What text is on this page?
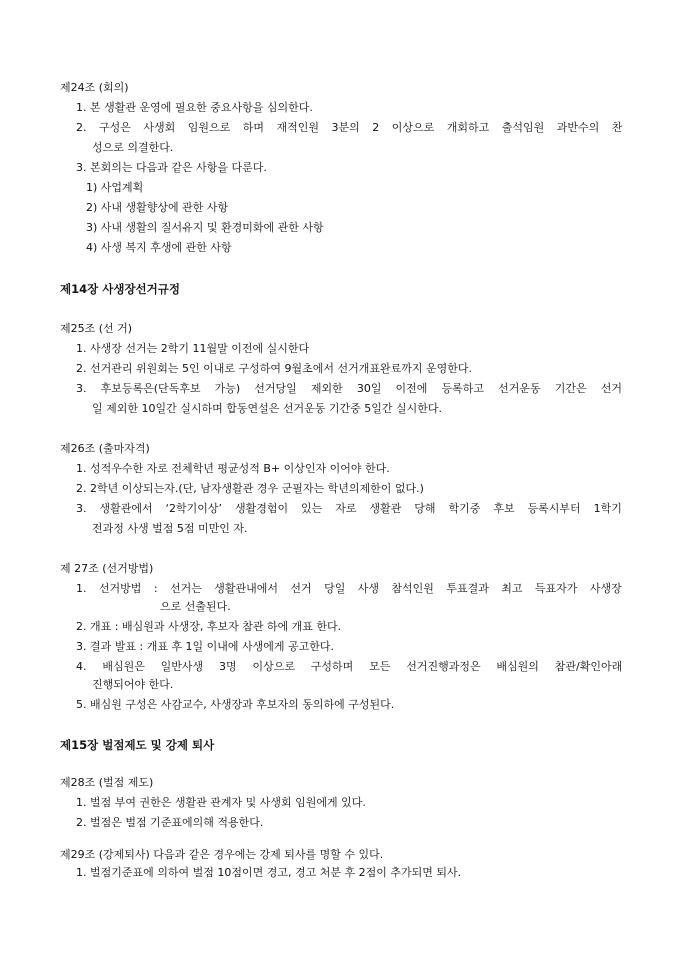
제24조 (회의)
1. 본 생활관 운영에 필요한 중요사항을 심의한다.
2. 구성은 사생회 임원으로 하며 재적인원 3분의 2 이상으로 개회하고 출석임원 과반수의 찬
성으로 의결한다.
3. 본회의는 다음과 같은 사항을 다룬다.
1) 사업계획
2) 사내 생활향상에 관한 사항
3) 사내 생활의 질서유지 및 환경미화에 관한 사항
4) 사생 복지 후생에 관한 사항
제14장 사생장선거규정
제25조 (선 거)
1. 사생장 선거는 2학기 11월말 이전에 실시한다
2. 선거관리 위원회는 5인 이내로 구성하여 9월초에서 선거개표완료까지 운영한다.
3. 후보등록은(단독후보 가능) 선거당일 제외한 30일 이전에 등록하고 선거운동 기간은 선거
일 제외한 10일간 실시하며 합동연설은 선거운동 기간중 5일간 실시한다.
제26조 (출마자격)
1. 성적우수한 자로 전체학년 평균성적 B+ 이상인자 이어야 한다.
2. 2학년 이상되는자.(단, 남자생활관 경우 군필자는 학년의제한이 없다.)
3. 생활관에서 ‘2학기이상’ 생활경험이 있는 자로 생활관 당해 학기중 후보 등록시부터 1학기
전과정 사생 벌점 5점 미만인 자.
제 27조 (선거방법)
1. 선거방법 : 선거는 생활관내에서 선거 당일 사생 참석인원 투표결과 최고 득표자가 사생장
으로 선출된다.
2. 개표 : 배심원과 사생장, 후보자 참관 하에 개표 한다.
3. 결과 발표 : 개표 후 1일 이내에 사생에게 공고한다.
4. 배심원은 일반사생 3명 이상으로 구성하며 모든 선거진행과정은 배심원의 참관/확인아래
진행되어야 한다.
5. 배심원 구성은 사감교수, 사생장과 후보자의 동의하에 구성된다.
제15장 벌점제도 및 강제 퇴사
제28조 (벌점 제도)
1. 벌점 부여 권한은 생활관 관계자 및 사생회 임원에게 있다.
2. 벌점은 벌점 기준표에의해 적용한다.
제29조 (강제퇴사) 다음과 같은 경우에는 강제 퇴사를 명할 수 있다.
1. 벌점기준표에 의하여 벌점 10점이면 경고, 경고 처분 후 2점이 추가되면 퇴사.
